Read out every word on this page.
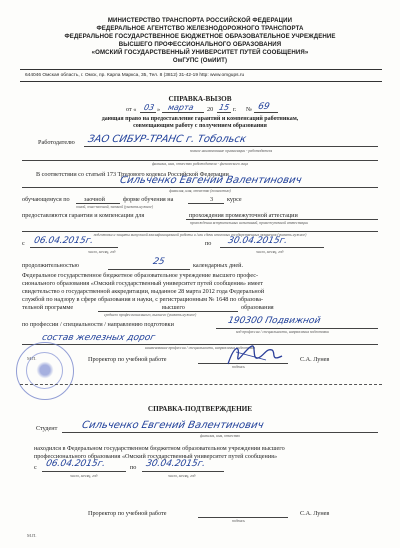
МИНИСТЕРСТВО ТРАНСПОРТА РОССИЙСКОЙ ФЕДЕРАЦИИ
ФЕДЕРАЛЬНОЕ АГЕНТСТВО ЖЕЛЕЗНОДОРОЖНОГО ТРАНСПОРТА
ФЕДЕРАЛЬНОЕ ГОСУДАРСТВЕННОЕ БЮДЖЕТНОЕ ОБРАЗОВАТЕЛЬНОЕ УЧРЕЖДЕНИЕ
ВЫСШЕГО ПРОФЕССИОНАЛЬНОГО ОБРАЗОВАНИЯ
«ОМСКИЙ ГОСУДАРСТВЕННЫЙ УНИВЕРСИТЕТ ПУТЕЙ СООБЩЕНИЯ»
ОмГУПС (ОмИИТ)
644046 Омская область, г. Омск, пр. Карла Маркса, 35, Тел. 8 (3812) 31-42-19 http: www.omgups.ru
СПРАВКА-ВЫЗОВ
от « 03 » марта 20 15 г. № 69
дающая право на предоставление гарантий и компенсаций работникам,
совмещающим работу с получением образования
Работодателю ЗАО СИБУР-ТРАНС г. Тобольск
полное наименование организации - работодателя
фамилия, имя, отчество работодателя - физического лица
В соответствии со статьей 173 Трудового кодекса Российской Федерации
Сильченко Евгений Валентинович
фамилия, имя, отчество (полностью)
обучающемуся по заочной	форме обучения на	3 курсе
очной, очно-заочной, заочной (указать нужное)
предоставляются гарантии и компенсации для	прохождения промежуточной аттестации
прохождения вступительных испытаний, промежуточной аттестации
подготовки и защиты выпускной квалификационной работы и /или сдачи итоговых государственных экзаменов (указать нужное)
с 06.04.2015г.	по 30.04.2015г.
число, месяц, год	число, месяц, год
продолжительностью	25	календарных дней.
Федеральное государственное бюджетное образовательное учреждение высшего профес-
сионального образования «Омский государственный университет путей сообщения» имеет
свидетельство о государственной аккредитации, выданное 28 марта 2012 года Федеральной
службой по надзору в сфере образования и науки, с регистрационным № 1648 по образова-
тельной программе	высшего	образования
среднего профессионального, высшего (указать нужное)
по профессии / специальности / направлению подготовки	190300 Подвижной
код профессии / специальности, направления подготовки
состав железных дорог
наименование профессии / специальности, направления подготовки
М.П.	Проректор по учебной работе
подпись
С.А. Лунев
СПРАВКА-ПОДТВЕРЖДЕНИЕ
Студент Сильченко Евгений Валентинович
фамилия, имя, отчество
находился в Федеральном государственном бюджетном образовательном учреждении высшего
профессионального образования «Омский государственный университет путей сообщения»
с 06.04.2015г.	по 30.04.2015г.
число, месяц, год	число, месяц, год
Проректор по учебной работе
подпись
С.А. Лунев
М.П.
